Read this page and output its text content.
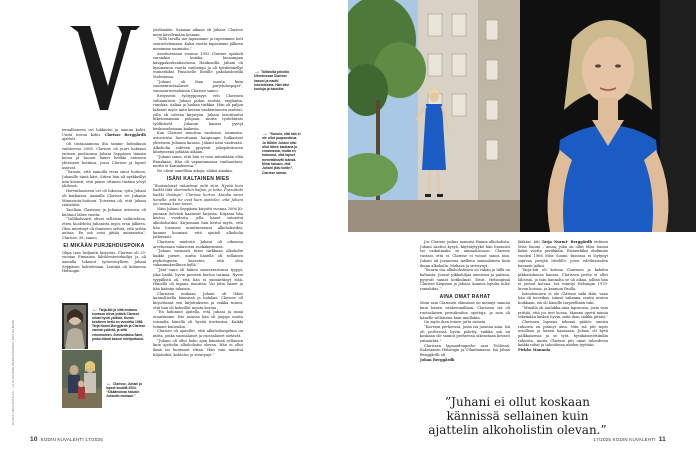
ieraalhoneen ovi lukkiutui ja aamua kohti. Uutta toivoa kohti. Clarisse Berggårdh ajatteli.

Oli tiistaiaamuna ilta tammi- helmikuun vaihteessa 2008. Clarisse oli juuri hakenut entisen puolisonsa Juhani Seppäsen tännän kotoa ja tuonut hänet heidän entiseen yhteiseen kotiinsa, jossa Clarisse ja lapset asuivat.

“Sanoin, että aamulla viem sinut hoitoon. Juhanille tämä kävi. Sitten hän oli nyrkkeillyt niin kovasti, että pääse ottimen tiistain yövyt yhdessä.

Hervinhuoneen ovi oli lukossa, tytta Juhani oli karkaissa. Aamulla Clarisse vei Juhanin Minnesota-hoitoon. Toiveena oli, että Juhani raitistuisi.

Taoilloin Clarissen ja Juhanin avioeroa oli kulunut lähes vuotta.

“Vallikolssurit olivat sellaista vaihtoehtoa, etten huolehtisi Juhanista myös eron jälkeen. Olen miettinyt oli ihmiseen selvää, että yritän auttaa. En mä voisi jättää auttamatta”, Clarisse, 58, sanoo.

EI MIKÄÄN PURJEHDUSPOIKA

Olipa taas briljantti kirjoitus. Clarisse oli 25-vuotias Finnairin lähtölentovirkailija ja oli aamulla lukenut työtovenylleen Juhani Seppäsen kohteleman. Lentäjä oli kolmessa Helsingin

← Tarja-äiti ja siitä mukana kuvassa oleva ystävä Clarisse olivat hyviä ystäviä. Kuvan kesäinen hetki on vuodelta 1968. Tarja Nurmi-Berggårdh ja Clarisse vanhat ystävät, ja siitä erinomainen. Sunnuntaina Sami, jonka elämä kasvoi mielipoikana.
← Clarisse, Juhani ja lapset kesällä 2004. “Sikäänomaa halusin Juhaniin mukaan.”

yöelämään. Samaan aikaan oli Juhani. Clarisse meni kävelemään kotiaan.

“Sillä tavalla me tapasimme ja rupesimme heti seurustelemaan. Kaksi vuotta tapasimme jälkeen menimme naimisiin.”

Avioituessaan vuonna 1992 Clarisse opiskeli varsinkin kuinka hienompaa kauppakorkeakoulussa. Hankenilla. Juhani oli kymmenen vuotta vanhempi ja oli työskennellyt esimerkiksi Punaiselle Ristille pakolaisleirillä Malesiassa.

“Juhani oli ihan muuta kuin suomenruotsalaiset purjehduspojat”, suomenruotsalainen Clarisse sanoo.

Erityisesti työtyyppisyys veti Clarissen valtaamisen. Juhani puhui ruotsia, englantia, ranskaa, italiaa ja hiukan turkkia. Hän oli paljon lukenut myös mitä kerran vanhentuneen mutteri, jolla oli vahvaa kirjatyön. Juhani tasoittautui liiketoiminnan pohjaan, mutta työtehtävät työllistivät. Juhanin kanssa pystyi keskustelemaan kaikesta.

Kun Clarisse muuttua vanhoina, naimisiin, avioerosta luovuttuaan kaupungin hulkasivat yhteiseen Juhanin kanssa. Juhani näin vaativaan. Alkoholin suhteen pysyivät jokapäiväiseen kiintyneenä pitkään aikaan.

“Juhani sanoi, että hän ei voisi mitenkään elää Ranskaan. Hän oli vapautumassa vanhuuttani, mutta ei Kannuksessa.”

Ne olivat onnellisia aikoja, aluksi ainakin.

ISÄNI KALTAINEN MIES

“Ruotsalaiset rakastivat mitä viini. Hyvää kuin kaikki tätä olemmekin kaljaa, ja totta. Pursutteki kaikki iloistuja”, Clarisse kertoo. Kuinka sanoi hänelle, että he ovat kuin ajattelee, että Juhani juo samaa kuin toiset.

Näin Juhani Seppäsen kirjoitti vuonna 2006 Ki- jansaan Selvästi kaatuvat kirjassa. Kirjassa hän kertoo vuodesta, jolla hänet sairastui alkoholistiksi. Kirjassaan hän kertoi myös, että hän huomasi muuttuneensa alkoholistiksi, kunnes huomasi, että ajatteli alkoholia jatkuvasti.

Clarissen mielestä Juhani oli oikeassa arvelussaan vakavossa ruokakermissa.

“Juhani varmasti tunsi tarkkaan alkoholin kaikki pienet, mutta hänellä oli sellainen psykologinen kasvatus, että olen vakaumuksellinen kyllä.”

“Jätä”-sana oli hänen sanavarastonsa tyyppi, joka hauki, hyvin pienesti kertoa tarinaa. Hyvin tyypillistä oli, että hän ei ymmärtänyt elää. Hänellä oli tapana muuttaa. Vai jätin hänet ja hän kääntyi takaisin.

Clarissen mukaan Juhani oli lähes kunnollisella kännissä ja halukas. Clarisse oli kirjoittanut sen kirjoitukseen ja vaikka tuntui, että hän oli kokeillut monta kertaa.

“En halunnut ajatella, että Juhani ja minä eroaisimme. Itse asiassa hän oli juoppo mutta toisaalta hänellä oli hyvää itsetuntoa. Kaikki teimme kuitenkin.”

Clarisse oli ajatellut, että alkoholiongelma on mitta, jonka suomalaiset ja ruotsalaiset sietävät.

“Juhani oli ollut koko ajan kännissä sellainen kuin ajattelin alkoholistin olevan. Hän ei ollut ikinä tai huutanut rittaa. Hän vain muuttui hiljaiseksi, kohtelas ja sivistynyt.”

→ Tällaisilla pihoilla Ulleninssaa Clarisse kasvoi ja nautti lukemisesta. Hän kävi kouluja ja kauniita.
→ “Sanoin, että hän ei ole ollut juoponotkua. Jo tällöin Juhani olisi ollut lähes kaukana ja eroamassa, mutta en halunnut, että lapset menettäisivät isänsä. Minä halusin, että Juhani jäisi kotiin”, Clarisse sanoo.
KUVAT HOFFARTILLA · LA CLARISSE BERGGÅRDHIN KOTIALBUMI
10 KODIN KUVALEHTI 17/2025

Jos Clarisse joskus mainitsi Hanna alkoholista, Juhani saattoi kysyä, käyttäytyykö hän huonosti tai vaikuttaako se ammattiosoon. Clarisse vastasi, että ei. Clarisse ei voinut sanoa niin. Juhani oli juonnessa melkein samanlainen kuin ilman alkoholia. Mukava ja sivistynyt.

“Suurin osa alkoholisteista on vähän ja tällä on kaltaisia. Juuvat pikkuhiljaa aineistoa ja paloina, pysyvät samat kotikulmat. Eivät. Helsingissä Clarisse Kiepinen ja Juhani, kunnes lopulta tulee romahdus.”

AINA OMAT RAHAT

Moni asia Clarissen elämässä on mennyt samoin kuin hänen vanhemmillaan. Clarissen isä oli ruotsalaisen peruskoulun opettaja, ja asia oli hänelle sellaisena kuin muillakin.

On myös ihan toinen juttu asiasta.

“Kaveeni perheessä, jossa isä juontaa aina. Isä oli perheessä hyvin pidetty, vaikka mä en koskaan ole saanut perheessä oikeastaan kovasti ymmärtää.”

Clarissen lapsuudenperhe asui Töölössä, Kulosaaren Helsingin ja Ullanlinnassa. Isä Johan Berggårdh oli

Johan Berggårdh

lääkäri, äiti Tarja Nurmi- Berggårdh entinen Miss Suomi – ainoa, joka on ollut Miss Suomi kaksi vuotta peräkkäin. Esimerkiksi ehdimme vuoden 1966 Miss Suomi -kisoissa ei löytynyt sopivaa perijää tittelille, joten edellisvuoden kaunein jatkoi.

Tarja-äiti oli kotona Clarissen ja kahden pikkusiskonsa kanssa. Clarissen perhe ei ollut läheisiä, ja isän kannalta se oli aikaa, jolloin hän ei juonut kotona. Isä esiintyi Helsingin 1970-luvun kotona, ja kannoin Paulla.

Isänolemisen ei ole Clarisse näki ikää, vaan hän oli toiveikas, isänsä vakaana, mutta avaten hoikkaan, isä oli hänelle tarpeellinen tuki.

“Minulla oli taulukka aina lapsuusta, josta vain yrittää, että jos teet kovaa. Mammi opetti minua tekemään kaiken hyvin, mitä ihan vaikka pitäisi.”

Clarissen lapsena tekemä päätös omista rahoista on pitänyt aina. Niin isä piti myös aviolleen ja hänen kanssaan. Juhani oli hyvä palkkaisensa ja se työt, hyväkäsistettiinkin rahoista, mutta Clarisse piti omat taloudessa kaikki rahat ja taloudessa näiden tyyttäin.

Pirkko Mannola

”Juhani ei ollut koskaan kännissä sellainen kuin ajattelin alkoholistin olevan.”
17/2025 KODIN KUVALEHTI 11
